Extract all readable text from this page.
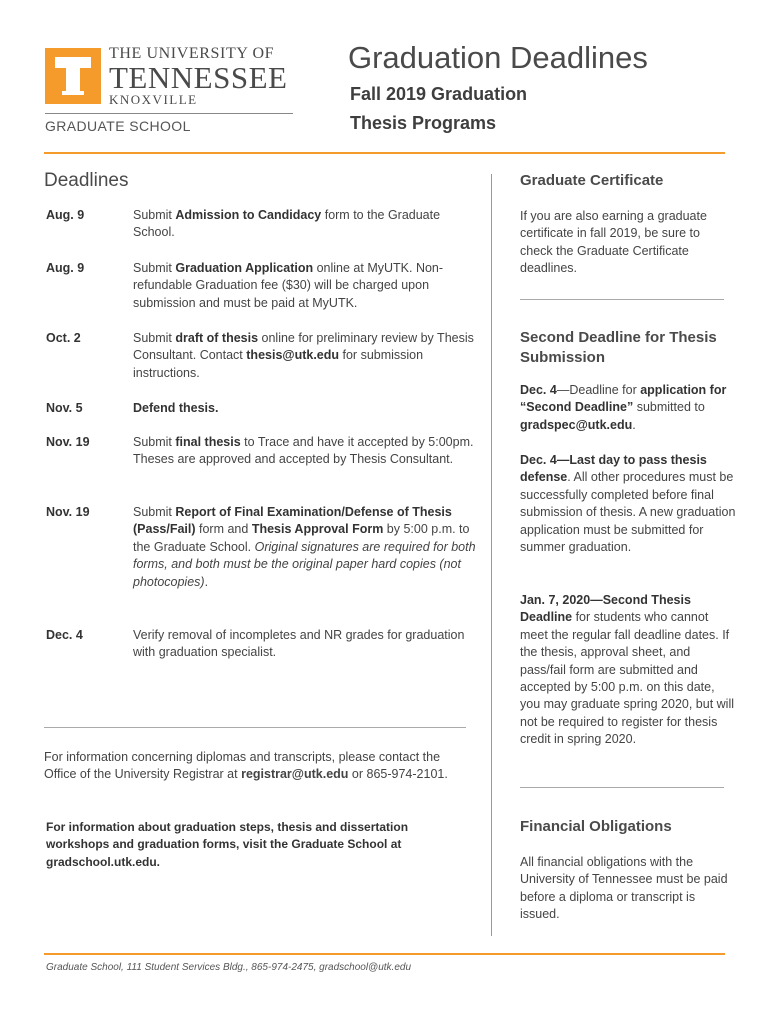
THE UNIVERSITY OF
TENNESSEE
KNOXVILLE
GRADUATE SCHOOL
Graduation Deadlines
Fall 2019 Graduation
Thesis Programs
Deadlines
Aug. 9	Submit Admission to Candidacy form to the Graduate School.
Aug. 9	Submit Graduation Application online at MyUTK. Non-refundable Graduation fee ($30) will be charged upon submission and must be paid at MyUTK.
Oct. 2	Submit draft of thesis online for preliminary review by Thesis Consultant. Contact thesis@utk.edu for submission instructions.
Nov. 5	Defend thesis.
Nov. 19	Submit final thesis to Trace and have it accepted by 5:00pm. Theses are approved and accepted by Thesis Consultant.
Nov. 19	Submit Report of Final Examination/Defense of Thesis (Pass/Fail) form and Thesis Approval Form by 5:00 p.m. to the Graduate School. Original signatures are required for both forms, and both must be the original paper hard copies (not photocopies).
Dec. 4	Verify removal of incompletes and NR grades for graduation with graduation specialist.
For information concerning diplomas and transcripts, please contact the Office of the University Registrar at registrar@utk.edu or 865-974-2101.
For information about graduation steps, thesis and dissertation workshops and graduation forms, visit the Graduate School at gradschool.utk.edu.
Graduate Certificate
If you are also earning a graduate certificate in fall 2019, be sure to check the Graduate Certificate deadlines.
Second Deadline for Thesis Submission
Dec. 4—Deadline for application for “Second Deadline” submitted to gradspec@utk.edu.
Dec. 4—Last day to pass thesis defense. All other procedures must be successfully completed before final submission of thesis. A new graduation application must be submitted for summer graduation.
Jan. 7, 2020—Second Thesis Deadline for students who cannot meet the regular fall deadline dates. If the thesis, approval sheet, and pass/fail form are submitted and accepted by 5:00 p.m. on this date, you may graduate spring 2020, but will not be required to register for thesis credit in spring 2020.
Financial Obligations
All financial obligations with the University of Tennessee must be paid before a diploma or transcript is issued.
Graduate School, 111 Student Services Bldg., 865-974-2475, gradschool@utk.edu
